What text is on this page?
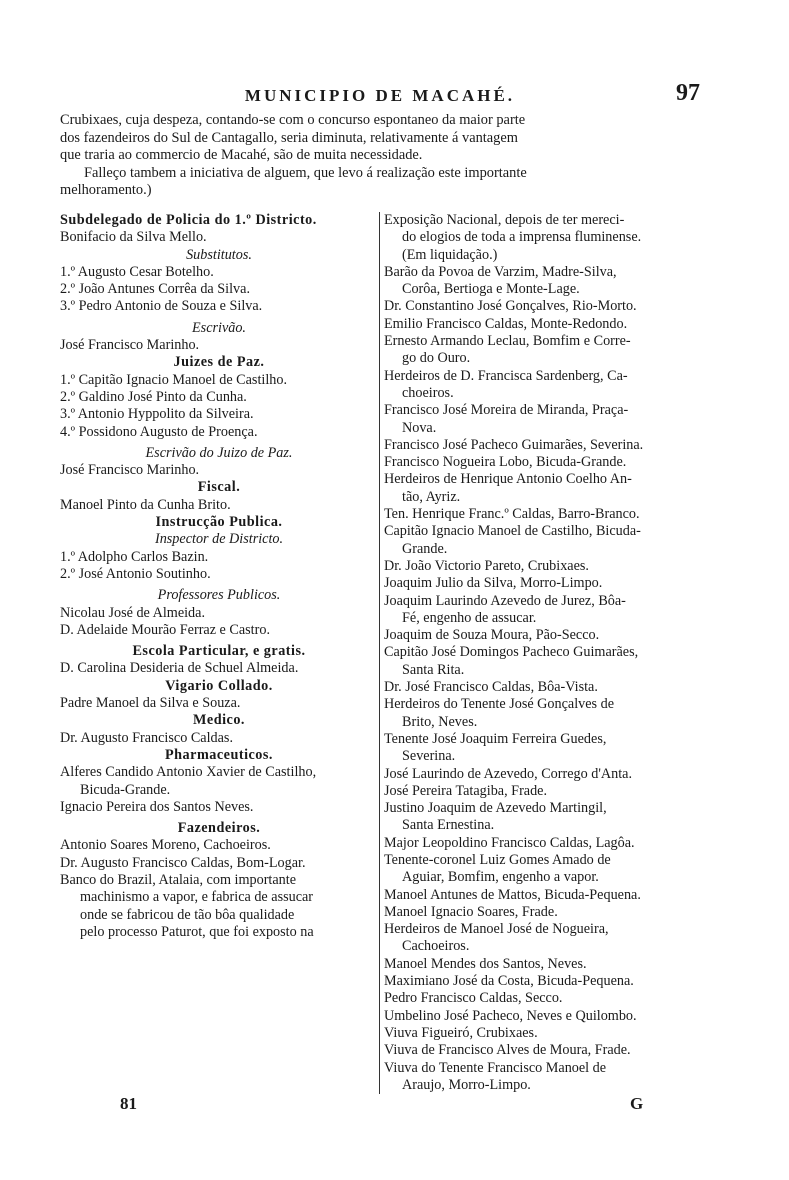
MUNICIPIO DE MACAHÉ.	97

Crubixaes, cuja despeza, contando-se com o concurso espontaneo da maior parte

dos fazendeiros do Sul de Cantagallo, seria diminuta, relativamente á vantagem

que traria ao commercio de Macahé, são de muita necessidade.

Falleço tambem a iniciativa de alguem, que levo á realização este importante

melhoramento.)

Subdelegado de Policia do 1.º Districto.

Bonifacio da Silva Mello.

Substitutos.

1.º Augusto Cesar Botelho.

2.º João Antunes Corrêa da Silva.

3.º Pedro Antonio de Souza e Silva.

Escrivão.

José Francisco Marinho.

Juizes de Paz.

1.º Capitão Ignacio Manoel de Castilho.

2.º Galdino José Pinto da Cunha.

3.º Antonio Hyppolito da Silveira.

4.º Possidono Augusto de Proença.

Escrivão do Juizo de Paz.

José Francisco Marinho.

Fiscal.

Manoel Pinto da Cunha Brito.

Instrucção Publica.

Inspector de Districto.

1.º Adolpho Carlos Bazin.

2.º José Antonio Soutinho.

Professores Publicos.

Nicolau José de Almeida.

D. Adelaide Mourão Ferraz e Castro.

Escola Particular, e gratis.

D. Carolina Desideria de Schuel Almeida.

Vigario Collado.

Padre Manoel da Silva e Souza.

Medico.

Dr. Augusto Francisco Caldas.

Pharmaceuticos.

Alferes Candido Antonio Xavier de Castilho,

Bicuda-Grande.

Ignacio Pereira dos Santos Neves.

Fazendeiros.

Antonio Soares Moreno, Cachoeiros.

Dr. Augusto Francisco Caldas, Bom-Logar.

Banco do Brazil, Atalaia, com importante

machinismo a vapor, e fabrica de assucar

onde se fabricou de tão bôa qualidade

pelo processo Paturot, que foi exposto na

Exposição Nacional, depois de ter mereci-

do elogios de toda a imprensa fluminense.

(Em liquidação.)

Barão da Povoa de Varzim, Madre-Silva,

Corôa, Bertioga e Monte-Lage.

Dr. Constantino José Gonçalves, Rio-Morto.

Emilio Francisco Caldas, Monte-Redondo.

Ernesto Armando Leclau, Bomfim e Corre-

go do Ouro.

Herdeiros de D. Francisca Sardenberg, Ca-

choeiros.

Francisco José Moreira de Miranda, Praça-

Nova.

Francisco José Pacheco Guimarães, Severina.

Francisco Nogueira Lobo, Bicuda-Grande.

Herdeiros de Henrique Antonio Coelho An-

tão, Ayriz.

Ten. Henrique Franc.º Caldas, Barro-Branco.

Capitão Ignacio Manoel de Castilho, Bicuda-

Grande.

Dr. João Victorio Pareto, Crubixaes.

Joaquim Julio da Silva, Morro-Limpo.

Joaquim Laurindo Azevedo de Jurez, Bôa-

Fé, engenho de assucar.

Joaquim de Souza Moura, Pão-Secco.

Capitão José Domingos Pacheco Guimarães,

Santa Rita.

Dr. José Francisco Caldas, Bôa-Vista.

Herdeiros do Tenente José Gonçalves de

Brito, Neves.

Tenente José Joaquim Ferreira Guedes,

Severina.

José Laurindo de Azevedo, Corrego d'Anta.

José Pereira Tatagiba, Frade.

Justino Joaquim de Azevedo Martingil,

Santa Ernestina.

Major Leopoldino Francisco Caldas, Lagôa.

Tenente-coronel Luiz Gomes Amado de

Aguiar, Bomfim, engenho a vapor.

Manoel Antunes de Mattos, Bicuda-Pequena.

Manoel Ignacio Soares, Frade.

Herdeiros de Manoel José de Nogueira,

Cachoeiros.

Manoel Mendes dos Santos, Neves.

Maximiano José da Costa, Bicuda-Pequena.

Pedro Francisco Caldas, Secco.

Umbelino José Pacheco, Neves e Quilombo.

Viuva Figueiró, Crubixaes.

Viuva de Francisco Alves de Moura, Frade.

Viuva do Tenente Francisco Manoel de

Araujo, Morro-Limpo.

81	G
